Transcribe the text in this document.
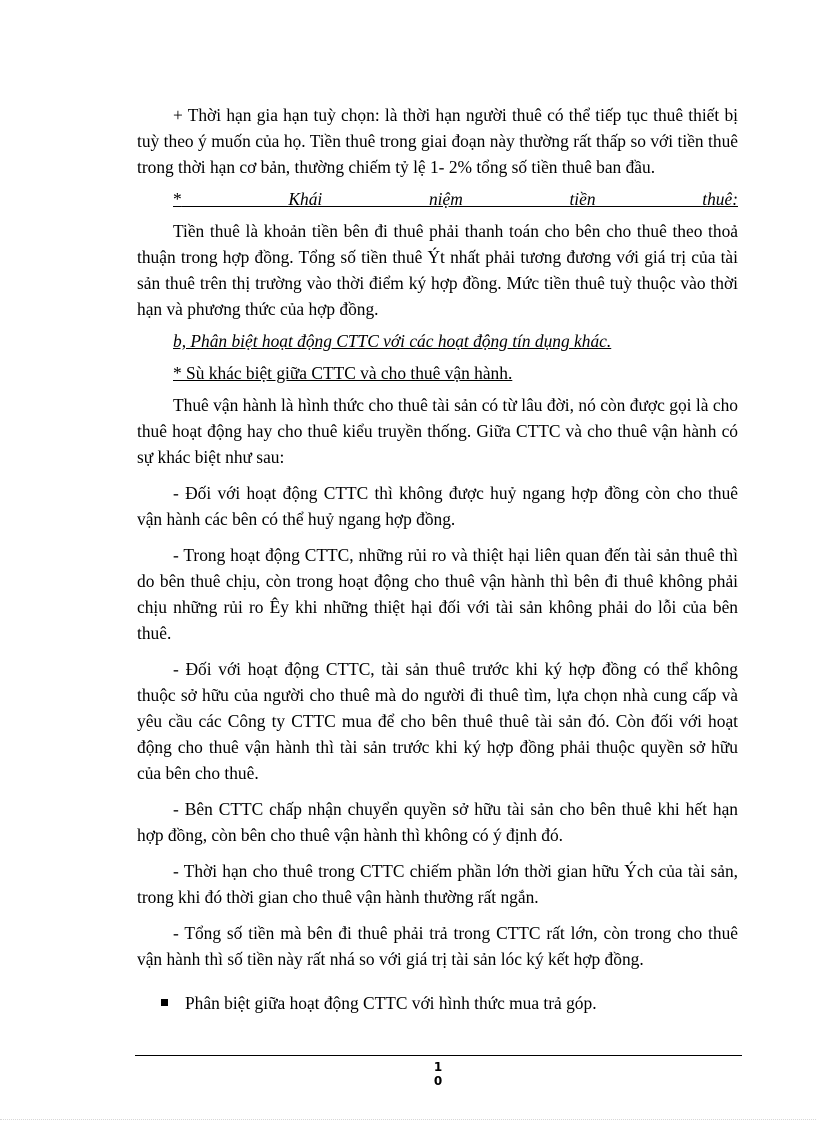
+ Thời hạn gia hạn tuỳ chọn: là thời hạn người thuê có thể tiếp tục thuê thiết bị tuỳ theo ý muốn của họ. Tiền thuê trong giai đoạn này thường rất thấp so với tiền thuê trong thời hạn cơ bản, thường chiếm tỷ lệ 1- 2% tổng số tiền thuê ban đầu.

*	Khái niệm tiền thuê:

Tiền thuê là khoản tiền bên đi thuê phải thanh toán cho bên cho thuê theo thoả thuận trong hợp đồng. Tổng số tiền thuê Ýt nhất phải tương đương với giá trị của tài sản thuê trên thị trường vào thời điểm ký hợp đồng. Mức tiền thuê tuỳ thuộc vào thời hạn và phương thức của hợp đồng.

b, Phân biệt hoạt động CTTC với các hoạt động tín dụng khác.

* Sù khác biệt giữa CTTC và cho thuê vận hành.

Thuê vận hành là hình thức cho thuê tài sản có từ lâu đời, nó còn được gọi là cho thuê hoạt động hay cho thuê kiểu truyền thống. Giữa CTTC và cho thuê vận hành có sự khác biệt như sau:

- Đối với hoạt động CTTC thì không được huỷ ngang hợp đồng còn cho thuê vận hành các bên có thể huỷ ngang hợp đồng.

- Trong hoạt động CTTC, những rủi ro và thiệt hại liên quan đến tài sản thuê thì do bên thuê chịu, còn trong hoạt động cho thuê vận hành thì bên đi thuê không phải chịu những rủi ro Êy khi những thiệt hại đối với tài sản không phải do lỗi của bên thuê.

- Đối với hoạt động CTTC, tài sản thuê trước khi ký hợp đồng có thể không thuộc sở hữu của người cho thuê mà do người đi thuê tìm, lựa chọn nhà cung cấp và yêu cầu các Công ty CTTC mua để cho bên thuê thuê tài sản đó. Còn đối với hoạt động cho thuê vận hành thì tài sản trước khi ký hợp đồng phải thuộc quyền sở hữu của bên cho thuê.

- Bên CTTC chấp nhận chuyển quyền sở hữu tài sản cho bên thuê khi hết hạn hợp đồng, còn bên cho thuê vận hành thì không có ý định đó.

- Thời hạn cho thuê trong CTTC chiếm phần lớn thời gian hữu Ých của tài sản, trong khi đó thời gian cho thuê vận hành thường rất ngắn.

- Tổng số tiền mà bên đi thuê phải trả trong CTTC rất lớn, còn trong cho thuê vận hành thì số tiền này rất nhá so với giá trị tài sản lóc ký kết hợp đồng.

Phân biệt giữa hoạt động CTTC với hình thức mua trả góp.

1
0
